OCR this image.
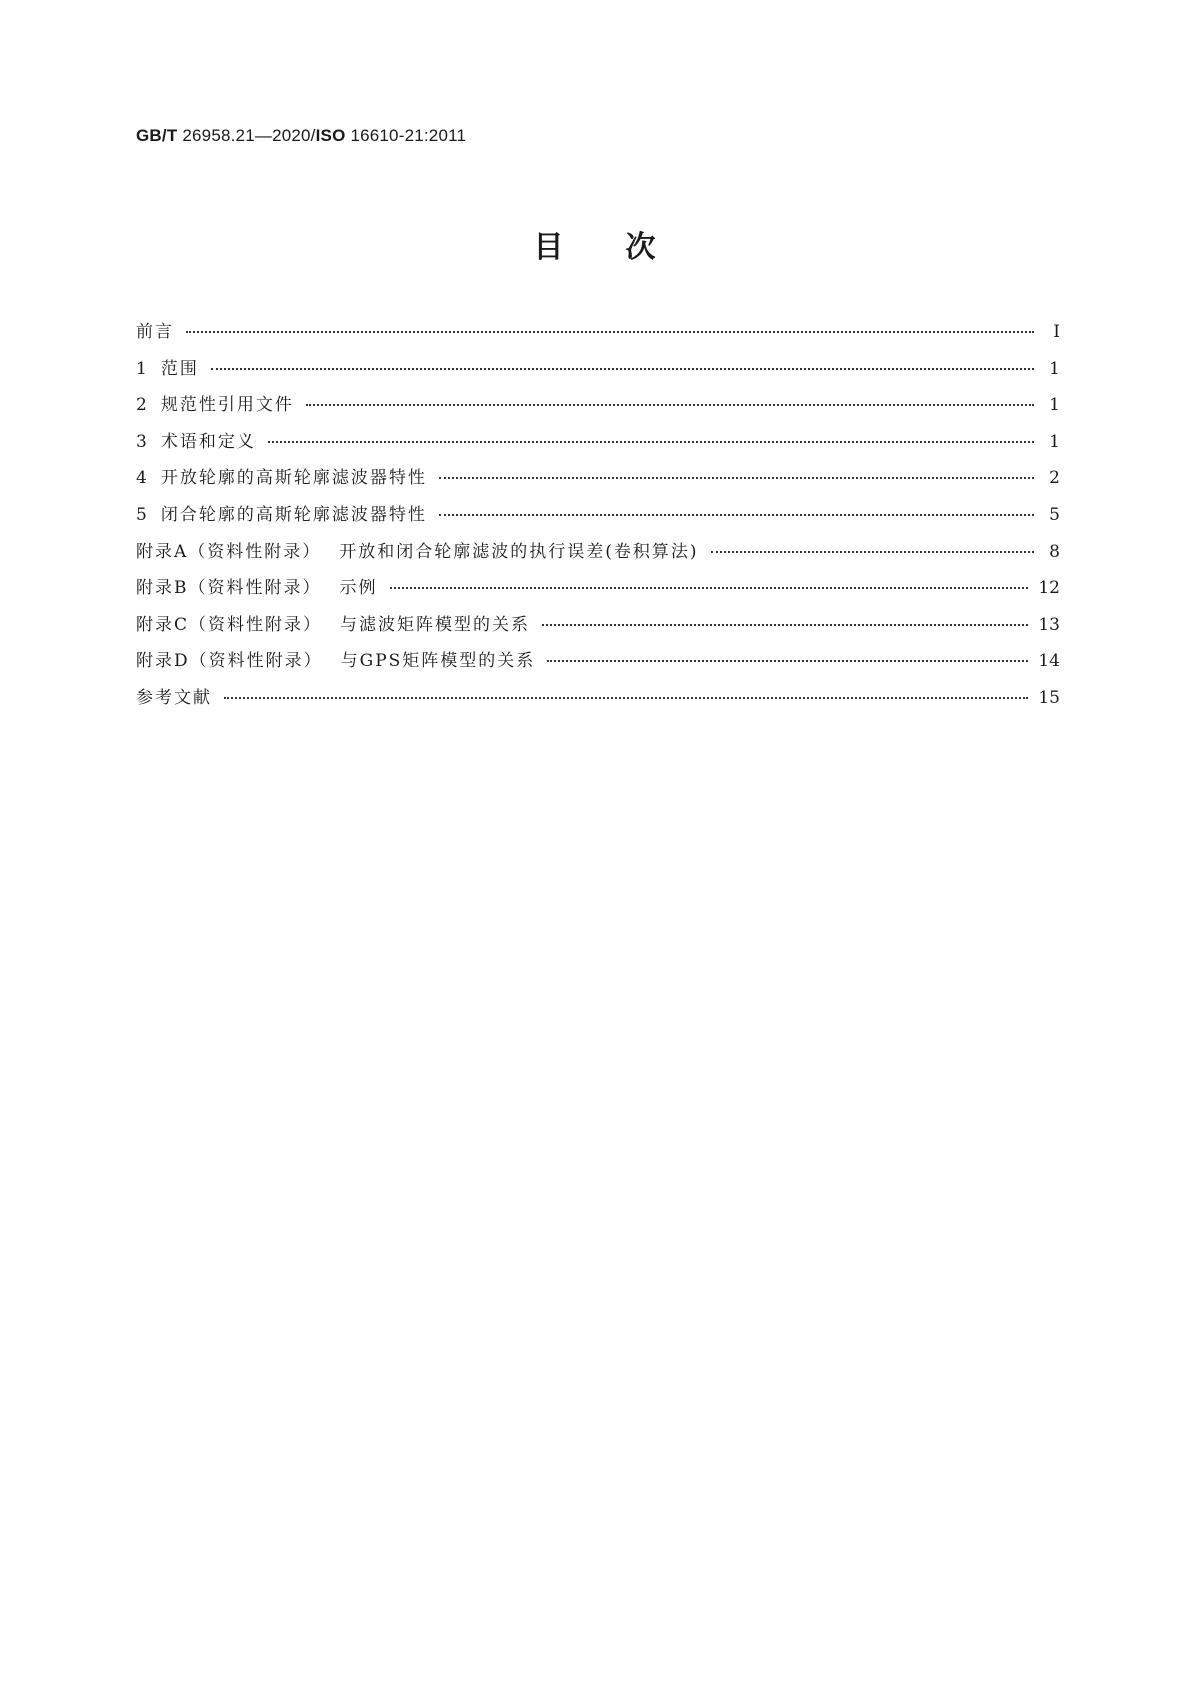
GB/T 26958.21—2020/ISO 16610-21:2011
目 次
前言	Ⅰ
1 范围	1
2 规范性引用文件	1
3 术语和定义	1
4 开放轮廓的高斯轮廓滤波器特性	2
5 闭合轮廓的高斯轮廓滤波器特性	5
附录A（资料性附录） 开放和闭合轮廓滤波的执行误差(卷积算法)	8
附录B（资料性附录） 示例	12
附录C（资料性附录） 与滤波矩阵模型的关系	13
附录D（资料性附录） 与GPS矩阵模型的关系	14
参考文献	15
